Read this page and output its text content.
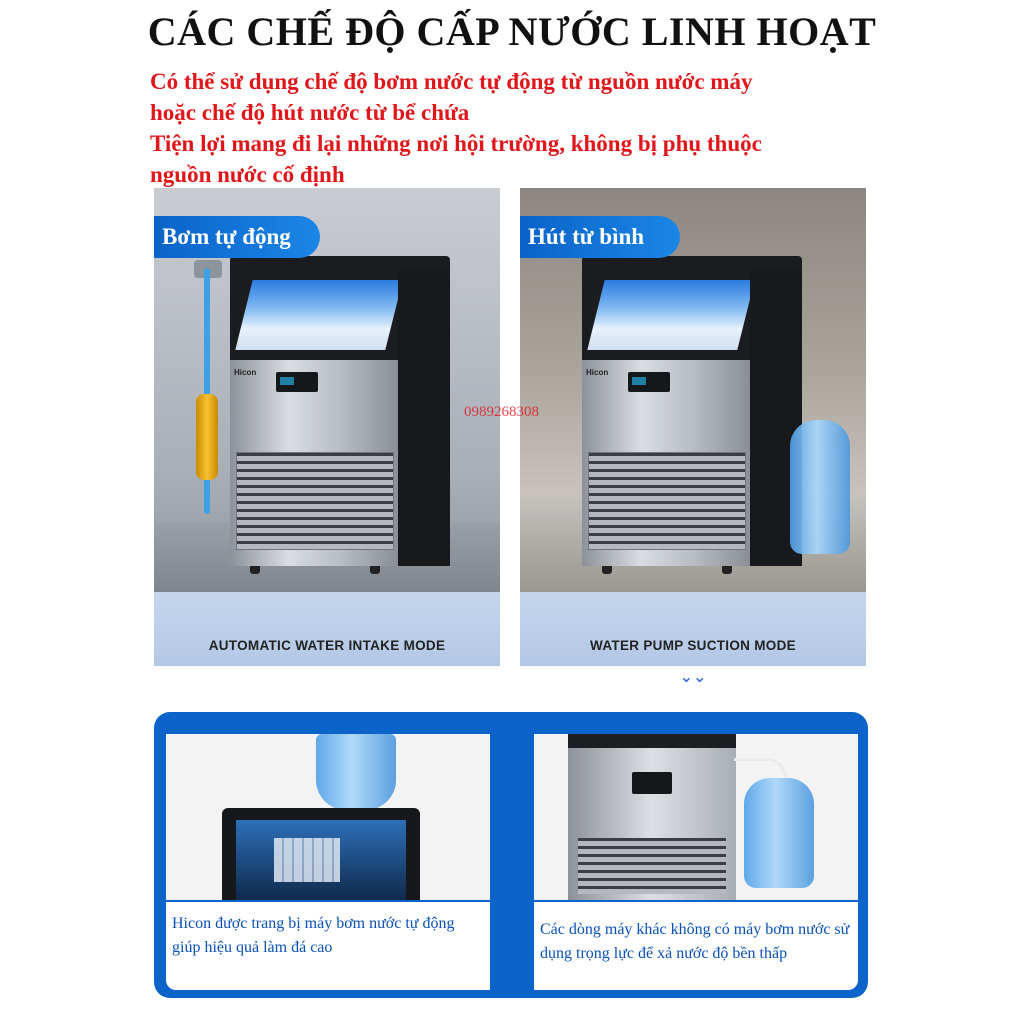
CÁC CHẾ ĐỘ CẤP NƯỚC LINH HOẠT
Có thể sử dụng chế độ bơm nước tự động từ nguồn nước máy
hoặc chế độ hút nước từ bể chứa
Tiện lợi mang đi lại những nơi hội trường, không bị phụ thuộc
nguồn nước cố định
Hicon
Bơm tự động
AUTOMATIC WATER INTAKE MODE
Hicon
Hút từ bình
WATER PUMP SUCTION MODE
0989268308
⌄⌄
Hicon được trang bị máy bơm nước tự động giúp hiệu quả làm đá cao
Các dòng máy khác không có máy bơm nước sử dụng trọng lực để xả nước độ bền thấp
